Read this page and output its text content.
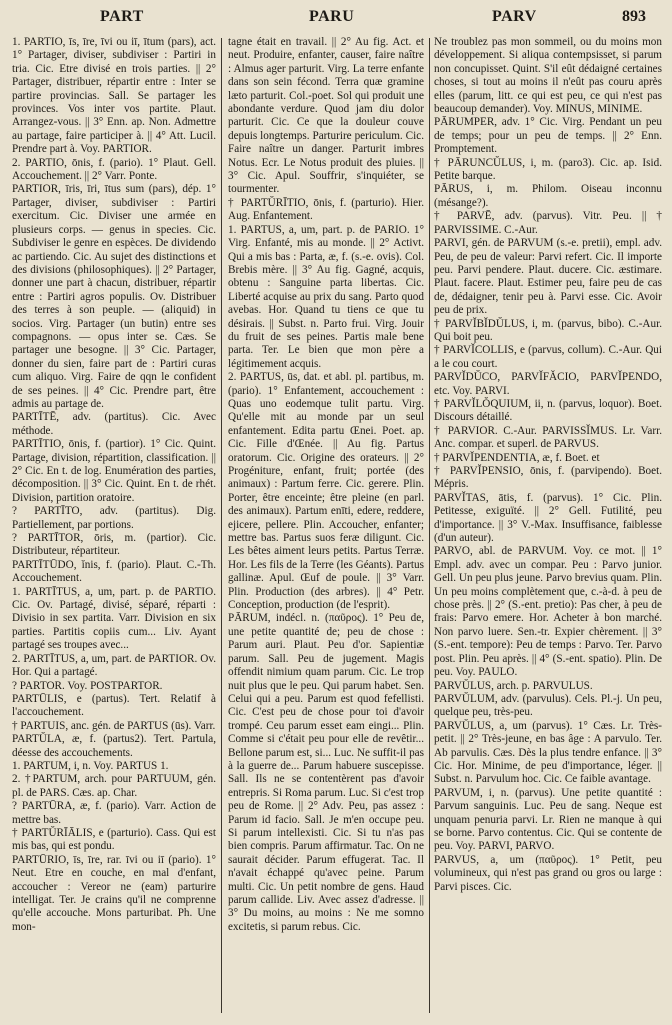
PART	PARU	PARV	893

1. PARTIO, īs, īre, īvi ou iī, ītum (pars), act. 1° Partager, diviser, subdiviser : Partiri in tria. Cic. Etre divisé en trois parties. || 2° Partager, distribuer, répartir entre : Inter se partire provincias. Sall. Se partager les provinces. Vos inter vos partite. Plaut. Arrangez-vous. || 3° Enn. ap. Non. Admettre au partage, faire participer à. || 4° Att. Lucil. Prendre part à. Voy. PARTIOR.

2. PARTIO, ōnis, f. (pario). 1° Plaut. Gell. Accouchement. || 2° Varr. Ponte.

PARTIOR, īris, īri, ītus sum (pars), dép. 1° Partager, diviser, subdiviser : Partiri exercitum. Cic. Diviser une armée en plusieurs corps. — genus in species. Cic. Subdiviser le genre en espèces. De dividendo ac partiendo. Cic. Au sujet des distinctions et des divisions (philosophiques). || 2° Partager, donner une part à chacun, distribuer, répartir entre : Partiri agros populis. Ov. Distribuer des terres à son peuple. — (aliquid) in socios. Virg. Partager (un butin) entre ses compagnons. — opus inter se. Cæs. Se partager une besogne. || 3° Cic. Partager, donner du sien, faire part de : Partiri curas cum aliquo. Virg. Faire de qqn le confident de ses peines. || 4° Cic. Prendre part, être admis au partage de.

PARTĪTĒ, adv. (partitus). Cic. Avec méthode.

PARTĪTIO, ōnis, f. (partior). 1° Cic. Quint. Partage, division, répartition, classification. || 2° Cic. En t. de log. Enumération des parties, décomposition. || 3° Cic. Quint. En t. de rhét. Division, partition oratoire.

? PARTĪTO, adv. (partitus). Dig. Partiellement, par portions.

? PARTĪTOR, ōris, m. (partior). Cic. Distributeur, répartiteur.

PARTĪTŪDO, ĭnis, f. (pario). Plaut. C.-Th. Accouchement.

1. PARTĪTUS, a, um, part. p. de PARTIO. Cic. Ov. Partagé, divisé, séparé, réparti : Divisio in sex partita. Varr. Division en six parties. Partitis copiis cum... Liv. Ayant partagé ses troupes avec...

2. PARTĪTUS, a, um, part. de PARTIOR. Ov. Hor. Qui a partagé.

? PARTOR. Voy. POSTPARTOR.

PARTŪLIS, e (partus). Tert. Relatif à l'accouchement.

† PARTUIS, anc. gén. de PARTUS (ūs). Varr.

PARTŬLA, æ, f. (partus2). Tert. Partula, déesse des accouchements.

1. PARTUM, i, n. Voy. PARTUS 1.

2. †PARTUM, arch. pour PARTUUM, gén. pl. de PARS. Cæs. ap. Char.

? PARTŪRA, æ, f. (pario). Varr. Action de mettre bas.

† PARTŬRĪĀLIS, e (parturio). Cass. Qui est mis bas, qui est pondu.

PARTŪRIO, īs, īre, rar. īvi ou iī (pario). 1° Neut. Etre en couche, en mal d'enfant, accoucher : Vereor ne (eam) parturire intelligat. Ter. Je crains qu'il ne comprenne qu'elle accouche. Mons parturibat. Ph. Une mon-

tagne était en travail. || 2° Au fig. Act. et neut. Produire, enfanter, causer, faire naître : Almus ager parturit. Virg. La terre enfante dans son sein fécond. Terra quæ gramine læto parturit. Col.-poet. Sol qui produit une abondante verdure. Quod jam diu dolor parturit. Cic. Ce que la douleur couve depuis longtemps. Parturire periculum. Cic. Faire naître un danger. Parturit imbres Notus. Ecr. Le Notus produit des pluies. || 3° Cic. Apul. Souffrir, s'inquiéter, se tourmenter.

† PARTŬRĪTIO, ōnis, f. (parturio). Hier. Aug. Enfantement.

1. PARTUS, a, um, part. p. de PARIO. 1° Virg. Enfanté, mis au monde. || 2° Activt. Qui a mis bas : Parta, æ, f. (s.-e. ovis). Col. Brebis mère. || 3° Au fig. Gagné, acquis, obtenu : Sanguine parta libertas. Cic. Liberté acquise au prix du sang. Parto quod avebas. Hor. Quand tu tiens ce que tu désirais. || Subst. n. Parto frui. Virg. Jouir du fruit de ses peines. Partis male bene parta. Ter. Le bien que mon père a légitimement acquis.

2. PARTUS, ūs, dat. et abl. pl. partibus, m. (pario). 1° Enfantement, accouchement : Quas uno eodemque tulit partu. Virg. Qu'elle mit au monde par un seul enfantement. Edita partu Œnei. Poet. ap. Cic. Fille d'Œnée. || Au fig. Partus oratorum. Cic. Origine des orateurs. || 2° Progéniture, enfant, fruit; portée (des animaux) : Partum ferre. Cic. gerere. Plin. Porter, être enceinte; être pleine (en parl. des animaux). Partum enīti, edere, reddere, ejicere, pellere. Plin. Accoucher, enfanter; mettre bas. Partus suos feræ diligunt. Cic. Les bêtes aiment leurs petits. Partus Terræ. Hor. Les fils de la Terre (les Géants). Partus gallinæ. Apul. Œuf de poule. || 3° Varr. Plin. Production (des arbres). || 4° Petr. Conception, production (de l'esprit).

PĀRUM, indécl. n. (παῦρος). 1° Peu de, une petite quantité de; peu de chose : Parum auri. Plaut. Peu d'or. Sapientiæ parum. Sall. Peu de jugement. Magis offendit nimium quam parum. Cic. Le trop nuit plus que le peu. Qui parum habet. Sen. Celui qui a peu. Parum est quod fefellisti. Cic. C'est peu de chose pour toi d'avoir trompé. Ceu parum esset eam eingi... Plin. Comme si c'était peu pour elle de revêtir... Bellone parum est, si... Luc. Ne suffit-il pas à la guerre de... Parum habuere suscepisse. Sall. Ils ne se contentèrent pas d'avoir entrepris. Si Roma parum. Luc. Si c'est trop peu de Rome. || 2° Adv. Peu, pas assez : Parum id facio. Sall. Je m'en occupe peu. Si parum intellexisti. Cic. Si tu n'as pas bien compris. Parum affirmatur. Tac. On ne saurait décider. Parum effugerat. Tac. Il n'avait échappé qu'avec peine. Parum multi. Cic. Un petit nombre de gens. Haud parum callide. Liv. Avec assez d'adresse. || 3° Du moins, au moins : Ne me somno excitetis, si parum rebus. Cic.

Ne troublez pas mon sommeil, ou du moins mon développement. Si aliqua contempsisset, si parum non concupisset. Quint. S'il eût dédaigné certaines choses, si tout au moins il n'eût pas couru après elles (parum, litt. ce qui est peu, ce qui n'est pas beaucoup demander). Voy. MINUS, MINIME.

PĀRUMPER, adv. 1° Cic. Virg. Pendant un peu de temps; pour un peu de temps. || 2° Enn. Promptement.

† PĀRUNCŬLUS, i, m. (paro3). Cic. ap. Isid. Petite barque.

PĀRUS, i, m. Philom. Oiseau inconnu (mésange?).

† PARVĒ, adv. (parvus). Vitr. Peu. || † PARVISSIME. C.-Aur.

PARVI, gén. de PARVUM (s.-e. pretii), empl. adv. Peu, de peu de valeur: Parvi refert. Cic. Il importe peu. Parvi pendere. Plaut. ducere. Cic. æstimare. Plaut. facere. Plaut. Estimer peu, faire peu de cas de, dédaigner, tenir peu à. Parvi esse. Cic. Avoir peu de prix.

† PARVĬBĬDŬLUS, i, m. (parvus, bibo). C.-Aur. Qui boit peu.

† PARVĬCOLLIS, e (parvus, collum). C.-Aur. Qui a le cou court.

PARVĬDŬCO, PARVĬFĂCIO, PARVĬPENDO, etc. Voy. PARVI.

† PARVĬLŎQUIUM, ii, n. (parvus, loquor). Boet. Discours détaillé.

† PARVIOR. C.-Aur. PARVISSĬMUS. Lr. Varr. Anc. compar. et superl. de PARVUS.

† PARVĬPENDENTIA, æ, f. Boet. et

† PARVĬPENSIO, ōnis, f. (parvipendo). Boet. Mépris.

PARVĬTAS, ātis, f. (parvus). 1° Cic. Plin. Petitesse, exiguïté. || 2° Gell. Futilité, peu d'importance. || 3° V.-Max. Insuffisance, faiblesse (d'un auteur).

PARVO, abl. de PARVUM. Voy. ce mot. || 1° Empl. adv. avec un compar. Peu : Parvo junior. Gell. Un peu plus jeune. Parvo brevius quam. Plin. Un peu moins complètement que, c.-à-d. à peu de chose près. || 2° (S.-ent. pretio): Pas cher, à peu de frais: Parvo emere. Hor. Acheter à bon marché. Non parvo luere. Sen.-tr. Expier chèrement. || 3° (S.-ent. tempore): Peu de temps : Parvo. Ter. Parvo post. Plin. Peu après. || 4° (S.-ent. spatio). Plin. De peu. Voy. PAULO.

PARVŬLUS, arch. p. PARVULUS.

PARVŬLUM, adv. (parvulus). Cels. Pl.-j. Un peu, quelque peu, très-peu.

PARVŬLUS, a, um (parvus). 1° Cæs. Lr. Très-petit. || 2° Très-jeune, en bas âge : A parvulo. Ter. Ab parvulis. Cæs. Dès la plus tendre enfance. || 3° Cic. Hor. Minime, de peu d'importance, léger. || Subst. n. Parvulum hoc. Cic. Ce faible avantage.

PARVUM, i, n. (parvus). Une petite quantité : Parvum sanguinis. Luc. Peu de sang. Neque est unquam penuria parvi. Lr. Rien ne manque à qui se borne. Parvo contentus. Cic. Qui se contente de peu. Voy. PARVI, PARVO.

PARVUS, a, um (παῦρος). 1° Petit, peu volumineux, qui n'est pas grand ou gros ou large : Parvi pisces. Cic.
